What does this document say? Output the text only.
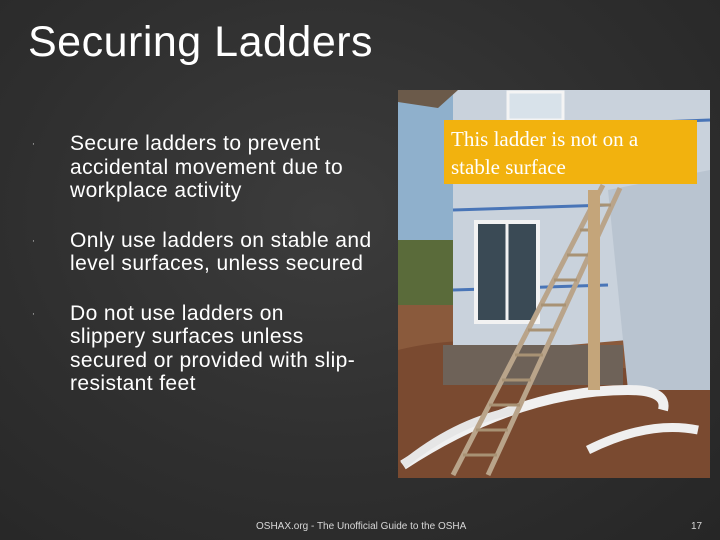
Securing Ladders
· Secure ladders to prevent accidental movement due to workplace activity
· Only use ladders on stable and level surfaces, unless secured
· Do not use ladders on slippery surfaces unless secured or provided with slip-resistant feet
This ladder is not on a stable surface
OSHAX.org - The Unofficial Guide to the OSHA	17
